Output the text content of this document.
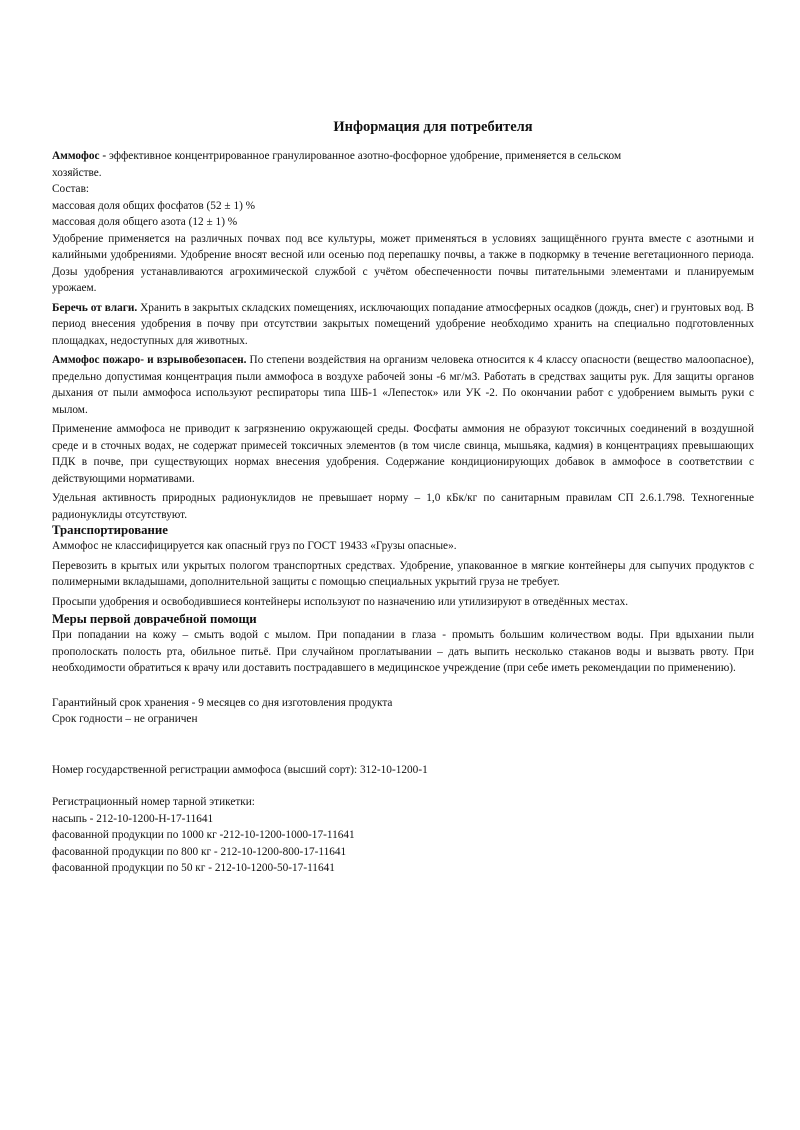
Информация для потребителя

Аммофос - эффективное концентрированное гранулированное азотно-фосфорное удобрение, применяется в сельском

хозяйстве.

Состав:

массовая доля общих фосфатов (52 ± 1) %

массовая доля общего азота (12 ± 1) %

Удобрение применяется на различных почвах под все культуры, может применяться в условиях защищённого грунта вместе с азотными и калийными удобрениями. Удобрение вносят весной или осенью под перепашку почвы, а также в подкормку в течение вегетационного периода. Дозы удобрения устанавливаются агрохимической службой с учётом обеспеченности почвы питательными элементами и планируемым урожаем.

Беречь от влаги. Хранить в закрытых складских помещениях, исключающих попадание атмосферных осадков (дождь, снег) и грунтовых вод. В период внесения удобрения в почву при отсутствии закрытых помещений удобрение необходимо хранить на специально подготовленных площадках, недоступных для животных.

Аммофос пожаро- и взрывобезопасен. По степени воздействия на организм человека относится к 4 классу опасности (вещество малоопасное), предельно допустимая концентрация пыли аммофоса в воздухе рабочей зоны -6 мг/м3. Работать в средствах защиты рук. Для защиты органов дыхания от пыли аммофоса используют респираторы типа ШБ-1 «Лепесток» или УК -2. По окончании работ с удобрением вымыть руки с мылом.

Применение аммофоса не приводит к загрязнению окружающей среды. Фосфаты аммония не образуют токсичных соединений в воздушной среде и в сточных водах, не содержат примесей токсичных элементов (в том числе свинца, мышьяка, кадмия) в концентрациях превышающих ПДК в почве, при существующих нормах внесения удобрения. Содержание кондиционирующих добавок в аммофосе в соответствии с действующими нормативами.

Удельная активность природных радионуклидов не превышает норму – 1,0 кБк/кг по санитарным правилам СП 2.6.1.798. Техногенные радионуклиды отсутствуют.

Транспортирование

Аммофос не классифицируется как опасный груз по ГОСТ 19433 «Грузы опасные».

Перевозить в крытых или укрытых пологом транспортных средствах. Удобрение, упакованное в мягкие контейнеры для сыпучих продуктов с полимерными вкладышами, дополнительной защиты с помощью специальных укрытий груза не требует.

Просыпи удобрения и освободившиеся контейнеры используют по назначению или утилизируют в отведённых местах.

Меры первой доврачебной помощи

При попадании на кожу – смыть водой с мылом. При попадании в глаза - промыть большим количеством воды. При вдыхании пыли прополоскать полость рта, обильное питьё. При случайном проглатывании – дать выпить несколько стаканов воды и вызвать рвоту. При необходимости обратиться к врачу или доставить пострадавшего в медицинское учреждение (при себе иметь рекомендации по применению).

Гарантийный срок хранения - 9 месяцев со дня изготовления продукта

Срок годности – не ограничен

Номер государственной регистрации аммофоса (высший сорт): 312-10-1200-1

Регистрационный номер тарной этикетки:

насыпь - 212-10-1200-Н-17-11641

фасованной продукции по 1000 кг -212-10-1200-1000-17-11641

фасованной продукции по 800 кг - 212-10-1200-800-17-11641

фасованной продукции по 50 кг - 212-10-1200-50-17-11641
